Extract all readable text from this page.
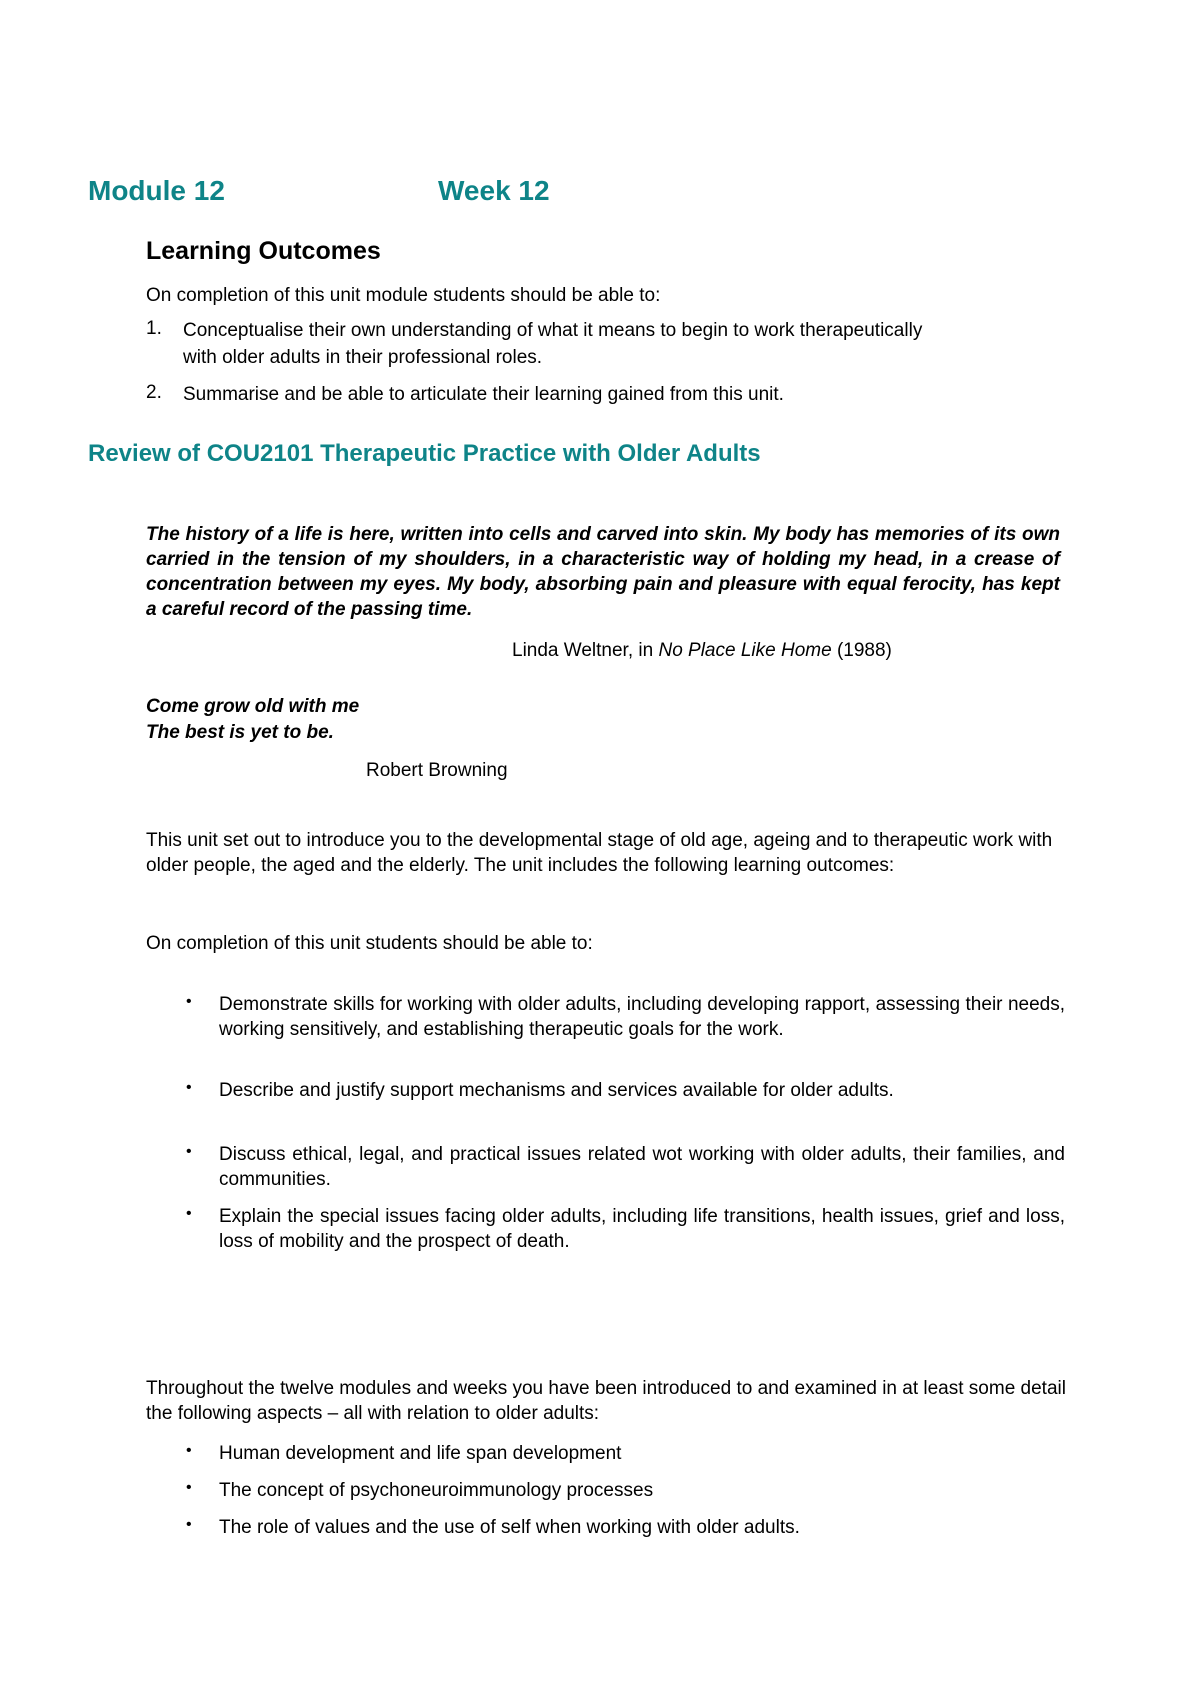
Module 12	Week 12
Learning Outcomes
On completion of this unit module students should be able to:
1. Conceptualise their own understanding of what it means to begin to work therapeutically
with older adults in their professional roles.
2. Summarise and be able to articulate their learning gained from this unit.
Review of COU2101 Therapeutic Practice with Older Adults
The history of a life is here, written into cells and carved into skin. My body has memories of its own carried in the tension of my shoulders, in a characteristic way of holding my head, in a crease of concentration between my eyes. My body, absorbing pain and pleasure with equal ferocity, has kept a careful record of the passing time.
Linda Weltner, in No Place Like Home (1988)
Come grow old with me
The best is yet to be.
Robert Browning
This unit set out to introduce you to the developmental stage of old age, ageing and to therapeutic work with older people, the aged and the elderly. The unit includes the following learning outcomes:
On completion of this unit students should be able to:
• Demonstrate skills for working with older adults, including developing rapport, assessing their needs, working sensitively, and establishing therapeutic goals for the work.
• Describe and justify support mechanisms and services available for older adults.
• Discuss ethical, legal, and practical issues related wot working with older adults, their families, and communities.
• Explain the special issues facing older adults, including life transitions, health issues, grief and loss, loss of mobility and the prospect of death.
Throughout the twelve modules and weeks you have been introduced to and examined in at least some detail the following aspects – all with relation to older adults:
• Human development and life span development
• The concept of psychoneuroimmunology processes
• The role of values and the use of self when working with older adults.
